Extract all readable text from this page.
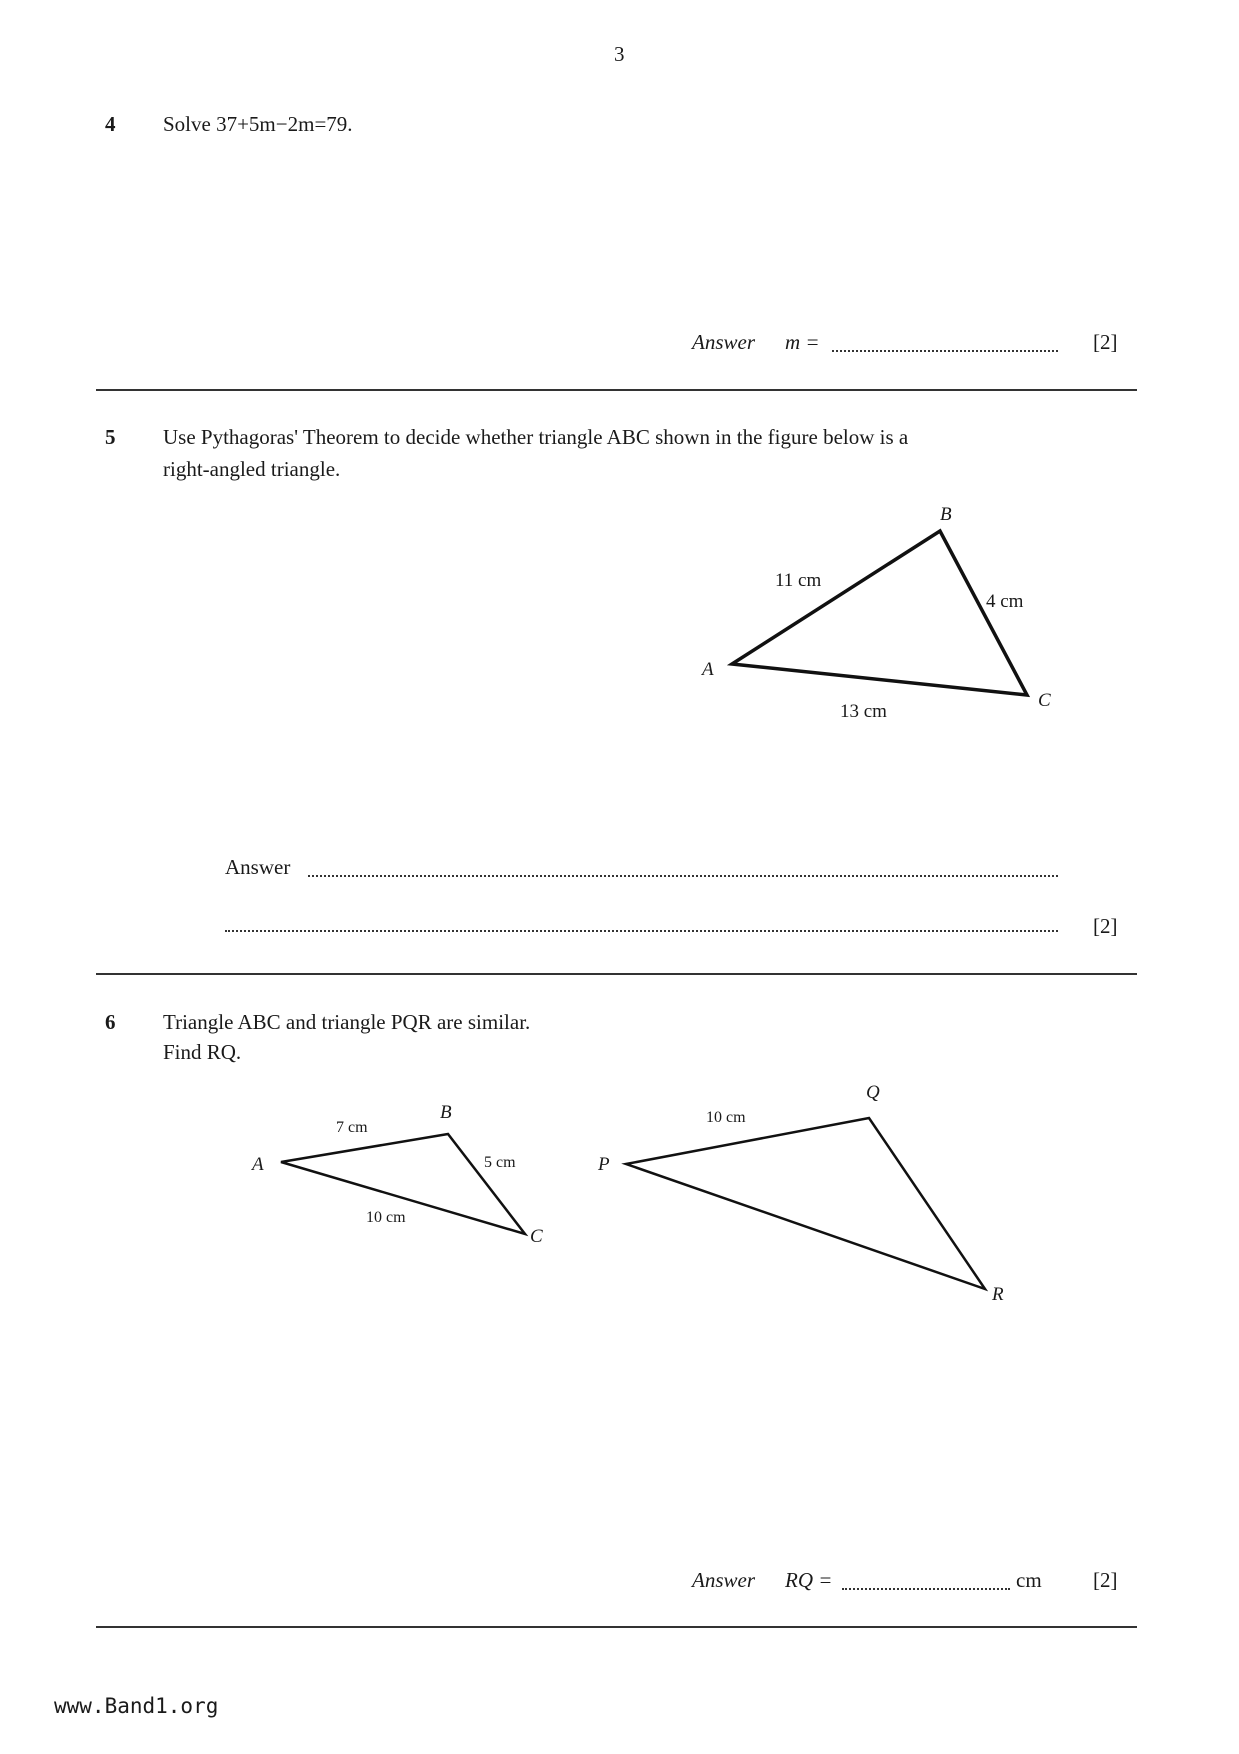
3
4 Solve 37+5m−2m=79.
Answer m =	[2]
5 Use Pythagoras' Theorem to decide whether triangle ABC shown in the figure below is a
right-angled triangle.
A
B
C
11 cm
4 cm
13 cm
A
B
C
7 cm
5 cm
10 cm
P
Q
R
10 cm
Answer
[2]
6 Triangle ABC and triangle PQR are similar.
Find RQ.
Answer RQ =	cm [2]
www.Band1.org
